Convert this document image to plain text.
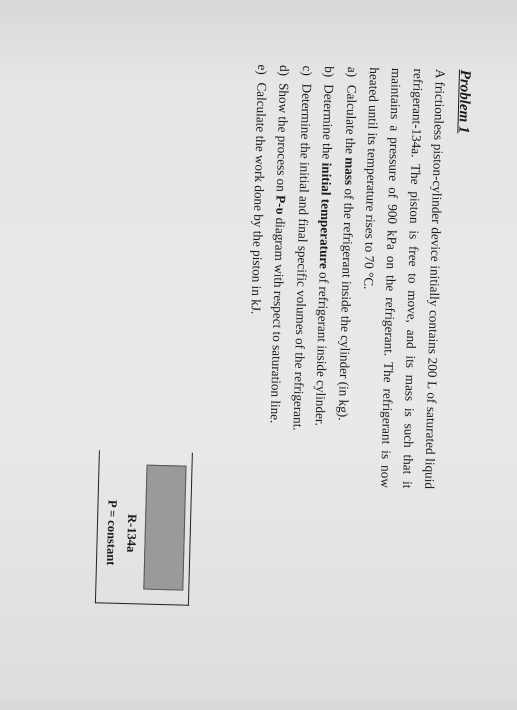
Problem 1
A frictionless piston-cylinder device initially contains 200 L of saturated liquid refrigerant-134a. The piston is free to move, and its mass is such that it maintains a pressure of 900 kPa on the refrigerant. The refrigerant is now heated until its temperature rises to 70 °C.
a)Calculate the mass of the refrigerant inside the cylinder (in kg).
b)Determine the initial temperature of refrigerant inside cylinder.
c)Determine the initial and final specific volumes of the refrigerant.
d)Show the process on P-υ diagram with respect to saturation line.
e)Calculate the work done by the piston in kJ.
R-134a
P = constant
